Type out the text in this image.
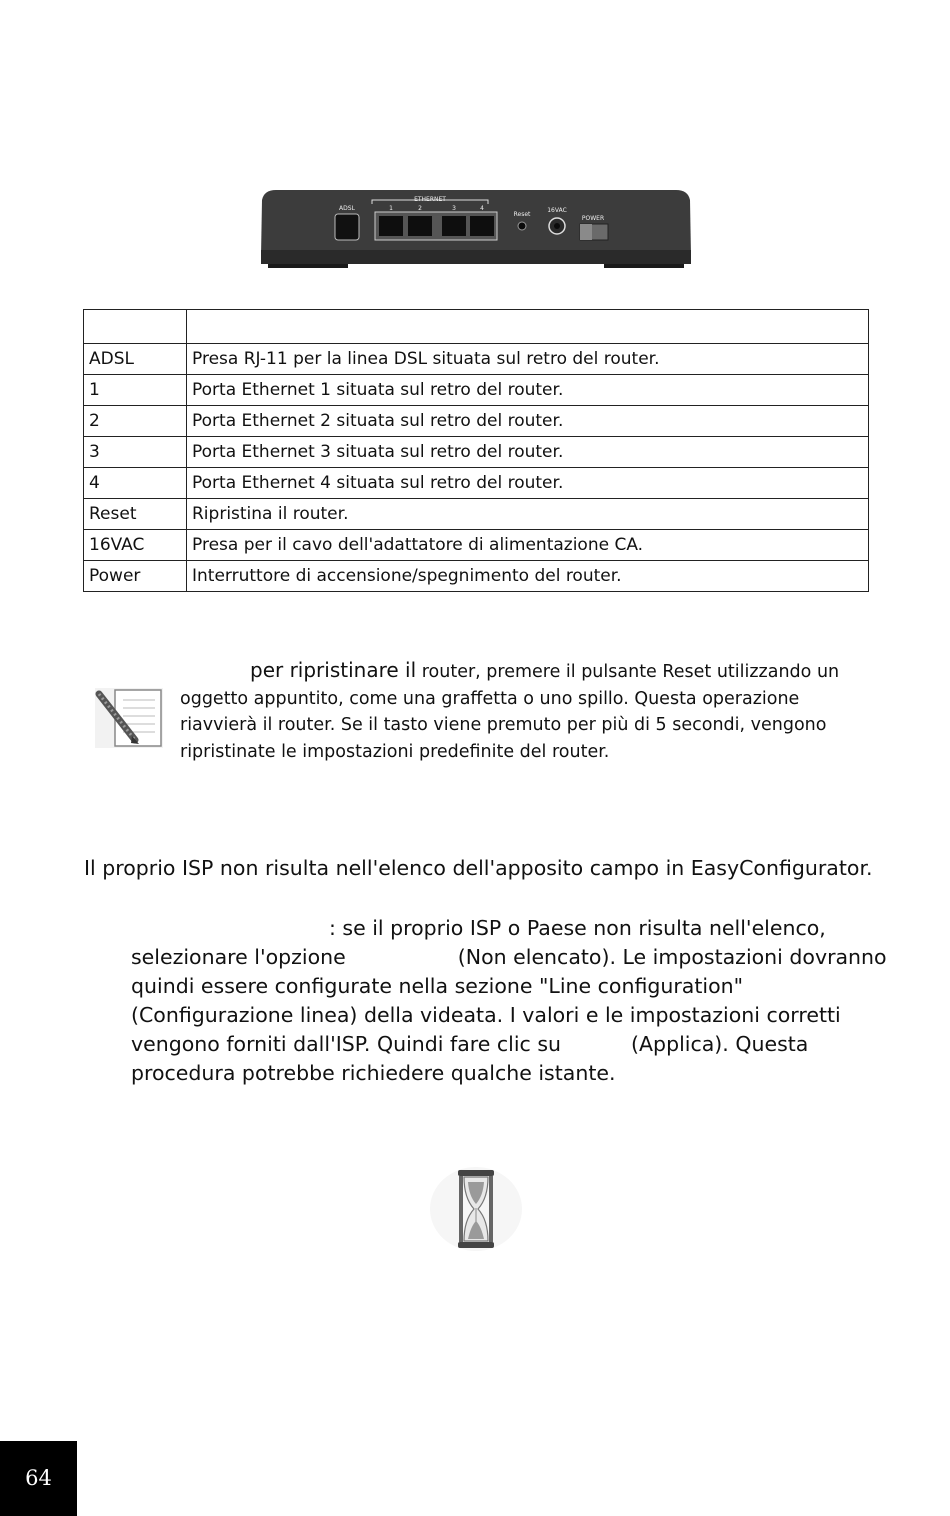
ETHERNET
ADSL	1	2	3	4
Reset
16VAC
POWER

ADSL	Presa RJ-11 per la linea DSL situata sul retro del router.
1	Porta Ethernet 1 situata sul retro del router.
2	Porta Ethernet 2 situata sul retro del router.
3	Porta Ethernet 3 situata sul retro del router.
4	Porta Ethernet 4 situata sul retro del router.
Reset	Ripristina il router.
16VAC	Presa per il cavo dell'adattatore di alimentazione CA.
Power	Interruttore di accensione/spegnimento del router.
per ripristinare il router, premere il pulsante Reset utilizzando un
oggetto appuntito, come una graffetta o uno spillo. Questa operazione
riavvierà il router. Se il tasto viene premuto per più di 5 secondi, vengono
ripristinate le impostazioni predefinite del router.
Il proprio ISP non risulta nell'elenco dell'apposito campo in EasyConfigurator.
: se il proprio ISP o Paese non risulta nell'elenco,
selezionare l'opzione	(Non elencato). Le impostazioni dovranno
quindi essere configurate nella sezione "Line configuration"
(Configurazione linea) della videata. I valori e le impostazioni corretti
vengono forniti dall'ISP. Quindi fare clic su	(Applica). Questa
procedura potrebbe richiedere qualche istante.
64
